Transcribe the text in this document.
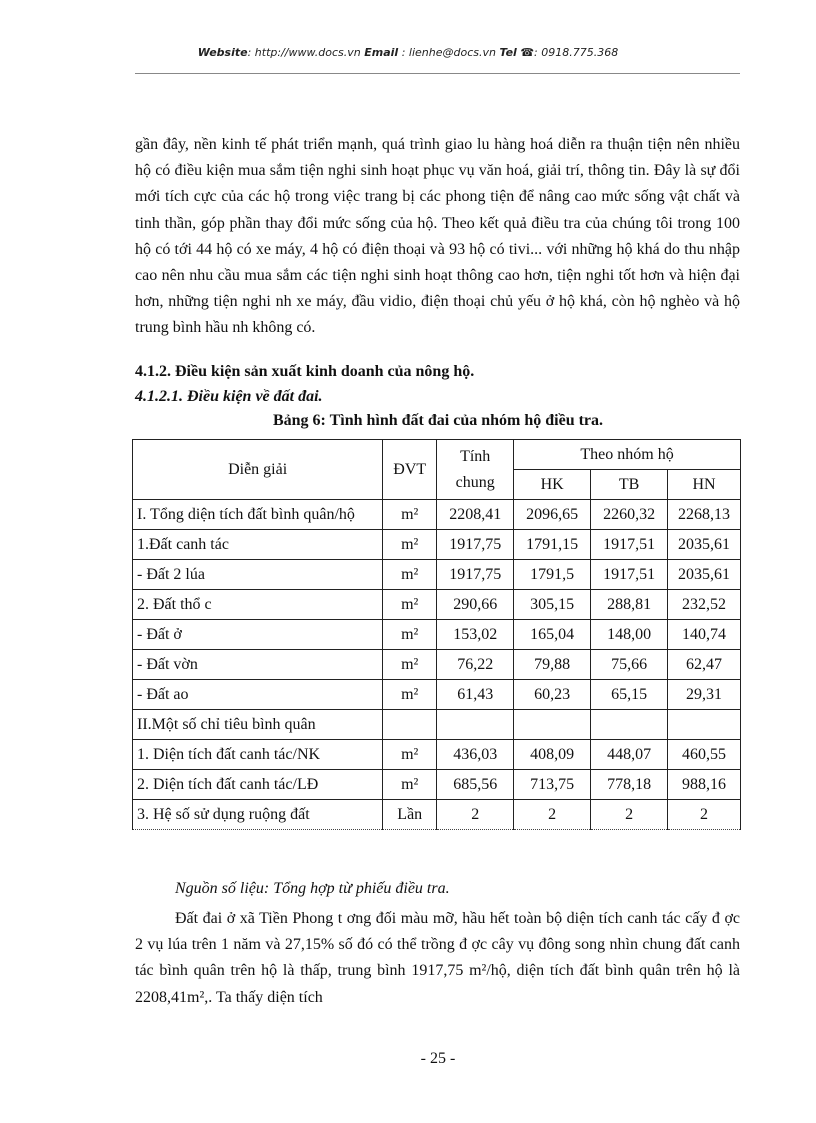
Website: http://www.docs.vn Email : lienhe@docs.vn Tel ☎: 0918.775.368
gần đây, nền kinh tế phát triển mạnh, quá trình giao lu hàng hoá diễn ra thuận tiện nên nhiều hộ có điều kiện mua sắm tiện nghi sinh hoạt phục vụ văn hoá, giải trí, thông tin. Đây là sự đổi mới tích cực của các hộ trong việc trang bị các phong tiện để nâng cao mức sống vật chất và tinh thần, góp phần thay đổi mức sống của hộ. Theo kết quả điều tra của chúng tôi trong 100 hộ có tới 44 hộ có xe máy, 4 hộ có điện thoại và 93 hộ có tivi... với những hộ khá do thu nhập cao nên nhu cầu mua sắm các tiện nghi sinh hoạt thông cao hơn, tiện nghi tốt hơn và hiện đại hơn, những tiện nghi nh xe máy, đầu vidio, điện thoại chủ yếu ở hộ khá, còn hộ nghèo và hộ trung bình hầu nh không có.
4.1.2. Điều kiện sản xuất kinh doanh của nông hộ.
4.1.2.1. Điều kiện về đất đai.
Bảng 6: Tình hình đất đai của nhóm hộ điều tra.
Diễn giải	ĐVT	Tính chung	Theo nhóm hộ		
			HK	TB	HN
I. Tổng diện tích đất bình quân/hộ	m²	2208,41	2096,65	2260,32	2268,13
1.Đất canh tác	m²	1917,75	1791,15	1917,51	2035,61
- Đất 2 lúa	m²	1917,75	1791,5	1917,51	2035,61
2. Đất thổ c	m²	290,66	305,15	288,81	232,52
- Đất ở	m²	153,02	165,04	148,00	140,74
- Đất vờn	m²	76,22	79,88	75,66	62,47
- Đất ao	m²	61,43	60,23	65,15	29,31
II.Một số chỉ tiêu bình quân					
1. Diện tích đất canh tác/NK	m²	436,03	408,09	448,07	460,55
2. Diện tích đất canh tác/LĐ	m²	685,56	713,75	778,18	988,16
3. Hệ số sử dụng ruộng đất	Lần	2	2	2	2
Nguồn số liệu: Tổng hợp từ phiếu điều tra.
Đất đai ở xã Tiền Phong t ơng đối màu mỡ, hầu hết toàn bộ diện tích canh tác cấy đ ợc 2 vụ lúa trên 1 năm và 27,15% số đó có thể trồng đ ợc cây vụ đông song nhìn chung đất canh tác bình quân trên hộ là thấp, trung bình 1917,75 m²/hộ, diện tích đất bình quân trên hộ là 2208,41m²,. Ta thấy diện tích
- 25 -
